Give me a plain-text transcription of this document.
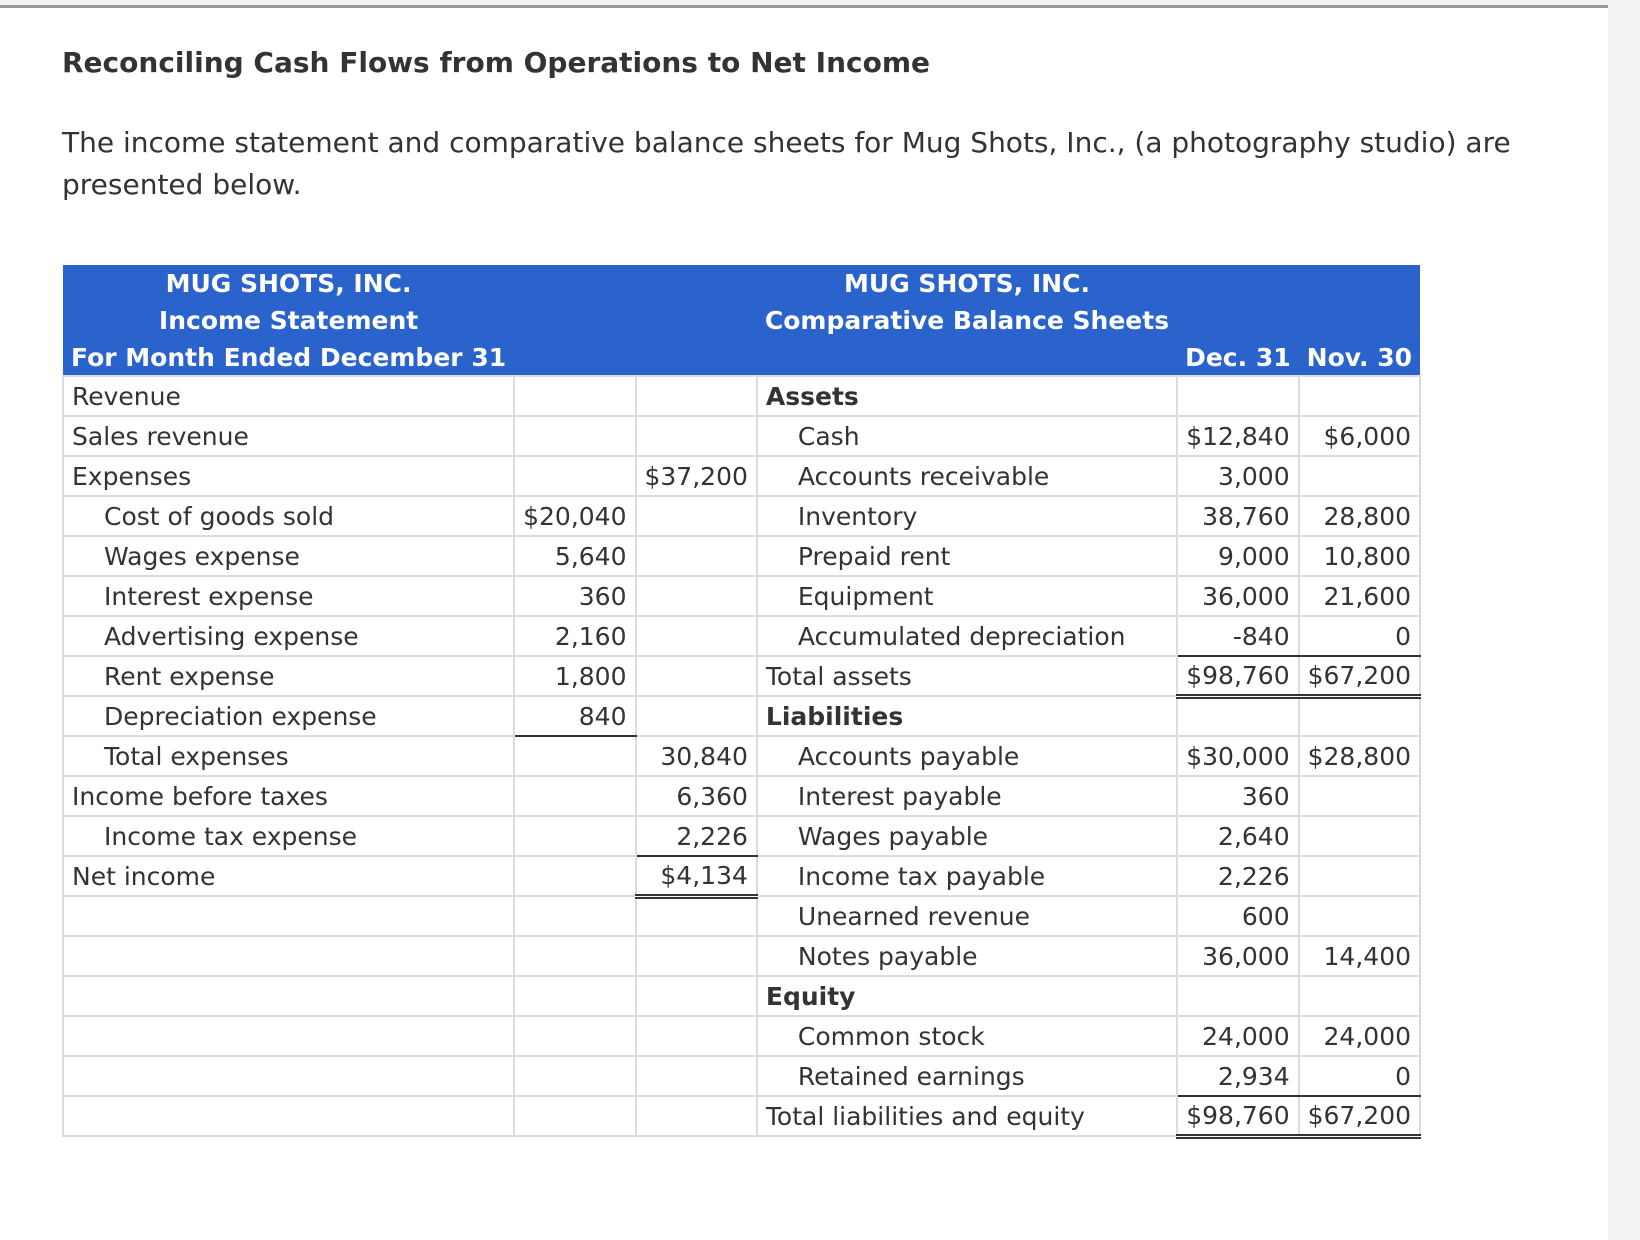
Reconciling Cash Flows from Operations to Net Income
The income statement and comparative balance sheets for Mug Shots, Inc., (a photography studio) are presented below.
MUG SHOTS, INC.			MUG SHOTS, INC.		
Income Statement			Comparative Balance Sheets		
For Month Ended December 31				Dec. 31	Nov. 30
Revenue			Assets		
Sales revenue			Cash	$12,840	$6,000
Expenses		$37,200	Accounts receivable	3,000	
Cost of goods sold	$20,040		Inventory	38,760	28,800
Wages expense	5,640		Prepaid rent	9,000	10,800
Interest expense	360		Equipment	36,000	21,600
Advertising expense	2,160		Accumulated depreciation	-840	0
Rent expense	1,800		Total assets	$98,760	$67,200
Depreciation expense	840		Liabilities		
Total expenses		30,840	Accounts payable	$30,000	$28,800
Income before taxes		6,360	Interest payable	360	
Income tax expense		2,226	Wages payable	2,640	
Net income		$4,134	Income tax payable	2,226	
			Unearned revenue	600	
			Notes payable	36,000	14,400
			Equity		
			Common stock	24,000	24,000
			Retained earnings	2,934	0
			Total liabilities and equity	$98,760	$67,200
